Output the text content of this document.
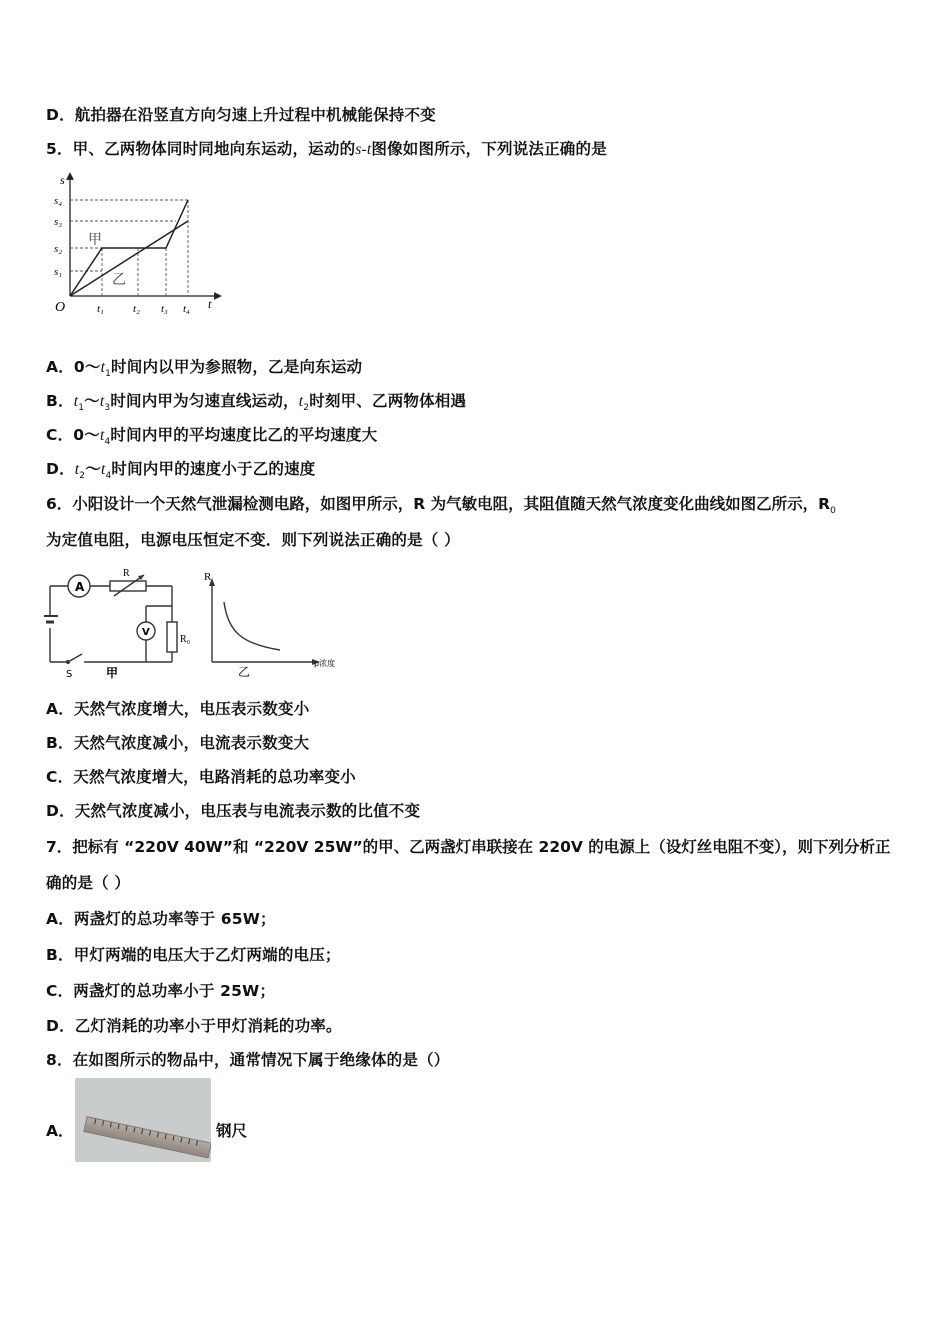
D．航拍器在沿竖直方向匀速上升过程中机械能保持不变
5．甲、乙两物体同时同地向东运动，运动的s-t图像如图所示，下列说法正确的是
s
t
O
s₁
s₂
s₃
s₄
t₁	t₂ t₃ t₄
甲
乙
A．$0\sim t_1$时间内以甲为参照物，乙是向东运动
B．$t_1\sim t_3$时间内甲为匀速直线运动，$t_2$时刻甲、乙两物体相遇
C．$0\sim t_4$时间内甲的平均速度比乙的平均速度大
D．$t_2\sim t_4$时间内甲的速度小于乙的速度
6．小阳设计一个天然气泄漏检测电路，如图甲所示，R 为气敏电阻，其阻值随天然气浓度变化曲线如图乙所示，$R_0$
为定值电阻，电源电压恒定不变．则下列说法正确的是（ ）
A
V
R
R₀
S	甲
R
ρ浓度
乙
A．天然气浓度增大，电压表示数变小
B．天然气浓度减小，电流表示数变大
C．天然气浓度增大，电路消耗的总功率变小
D．天然气浓度减小，电压表与电流表示数的比值不变
7．把标有 “220V 40W”和 “220V 25W”的甲、乙两盏灯串联接在 220V 的电源上（设灯丝电阻不变），则下列分析正
确的是（ ）
A．两盏灯的总功率等于 65W；
B．甲灯两端的电压大于乙灯两端的电压；
C．两盏灯的总功率小于 25W；
D．乙灯消耗的功率小于甲灯消耗的功率。
8．在如图所示的物品中，通常情况下属于绝缘体的是（）
A．	钢尺
